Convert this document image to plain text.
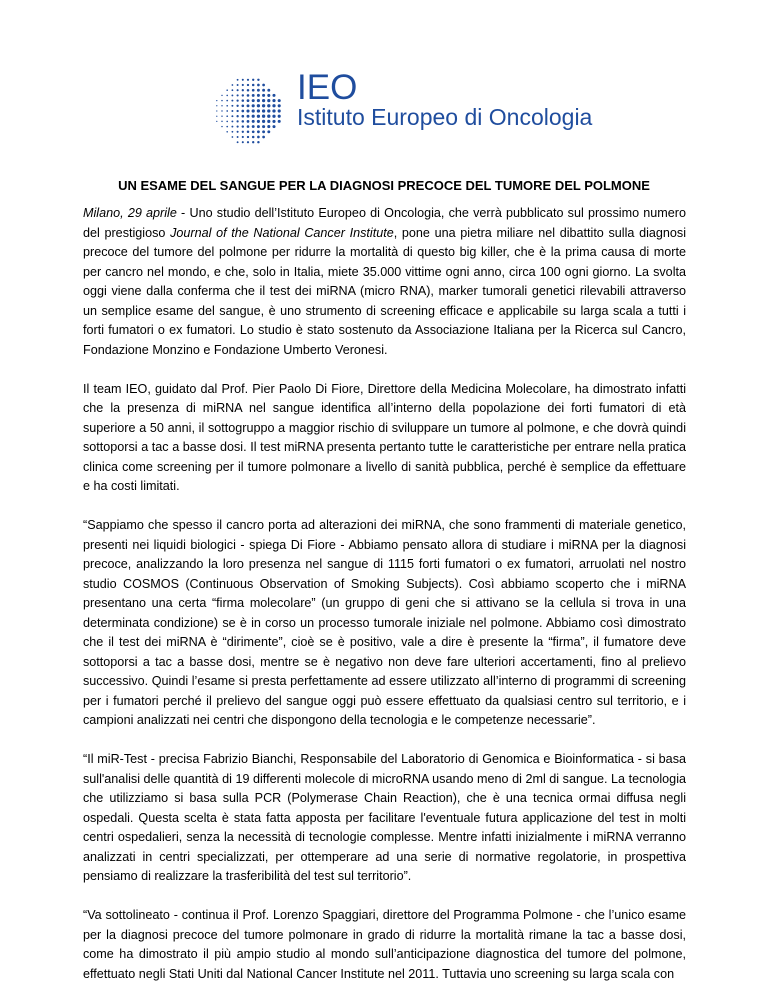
IEO
Istituto Europeo di Oncologia
UN ESAME DEL SANGUE PER LA DIAGNOSI PRECOCE DEL TUMORE DEL POLMONE

Milano, 29 aprile - Uno studio dell’Istituto Europeo di Oncologia, che verrà pubblicato sul prossimo numero del prestigioso Journal of the National Cancer Institute, pone una pietra miliare nel dibattito sulla diagnosi precoce del tumore del polmone per ridurre la mortalità di questo big killer, che è la prima causa di morte per cancro nel mondo, e che, solo in Italia, miete 35.000 vittime ogni anno, circa 100 ogni giorno. La svolta oggi viene dalla conferma che il test dei miRNA (micro RNA), marker tumorali genetici rilevabili attraverso un semplice esame del sangue, è uno strumento di screening efficace e applicabile su larga scala a tutti i forti fumatori o ex fumatori. Lo studio è stato sostenuto da Associazione Italiana per la Ricerca sul Cancro, Fondazione Monzino e Fondazione Umberto Veronesi.

Il team IEO, guidato dal Prof. Pier Paolo Di Fiore, Direttore della Medicina Molecolare, ha dimostrato infatti che la presenza di miRNA nel sangue identifica all’interno della popolazione dei forti fumatori di età superiore a 50 anni, il sottogruppo a maggior rischio di sviluppare un tumore al polmone, e che dovrà quindi sottoporsi a tac a basse dosi. Il test miRNA presenta pertanto tutte le caratteristiche per entrare nella pratica clinica come screening per il tumore polmonare a livello di sanità pubblica, perché è semplice da effettuare e ha costi limitati.

“Sappiamo che spesso il cancro porta ad alterazioni dei miRNA, che sono frammenti di materiale genetico, presenti nei liquidi biologici - spiega Di Fiore - Abbiamo pensato allora di studiare i miRNA per la diagnosi precoce, analizzando la loro presenza nel sangue di 1115 forti fumatori o ex fumatori, arruolati nel nostro studio COSMOS (Continuous Observation of Smoking Subjects). Così abbiamo scoperto che i miRNA presentano una certa “firma molecolare” (un gruppo di geni che si attivano se la cellula si trova in una determinata condizione) se è in corso un processo tumorale iniziale nel polmone. Abbiamo così dimostrato che il test dei miRNA è “dirimente”, cioè se è positivo, vale a dire è presente la “firma”, il fumatore deve sottoporsi a tac a basse dosi, mentre se è negativo non deve fare ulteriori accertamenti, fino al prelievo successivo. Quindi l’esame si presta perfettamente ad essere utilizzato all’interno di programmi di screening per i fumatori perché il prelievo del sangue oggi può essere effettuato da qualsiasi centro sul territorio, e i campioni analizzati nei centri che dispongono della tecnologia e le competenze necessarie”.

“Il miR-Test - precisa Fabrizio Bianchi, Responsabile del Laboratorio di Genomica e Bioinformatica - si basa sull'analisi delle quantità di 19 differenti molecole di microRNA usando meno di 2ml di sangue. La tecnologia che utilizziamo si basa sulla PCR (Polymerase Chain Reaction), che è una tecnica ormai diffusa negli ospedali. Questa scelta è stata fatta apposta per facilitare l'eventuale futura applicazione del test in molti centri ospedalieri, senza la necessità di tecnologie complesse. Mentre infatti inizialmente i miRNA verranno analizzati in centri specializzati, per ottemperare ad una serie di normative regolatorie, in prospettiva pensiamo di realizzare la trasferibilità del test sul territorio”.

“Va sottolineato - continua il Prof. Lorenzo Spaggiari, direttore del Programma Polmone - che l’unico esame per la diagnosi precoce del tumore polmonare in grado di ridurre la mortalità rimane la tac a basse dosi, come ha dimostrato il più ampio studio al mondo sull’anticipazione diagnostica del tumore del polmone, effettuato negli Stati Uniti dal National Cancer Institute nel 2011. Tuttavia uno screening su larga scala con
